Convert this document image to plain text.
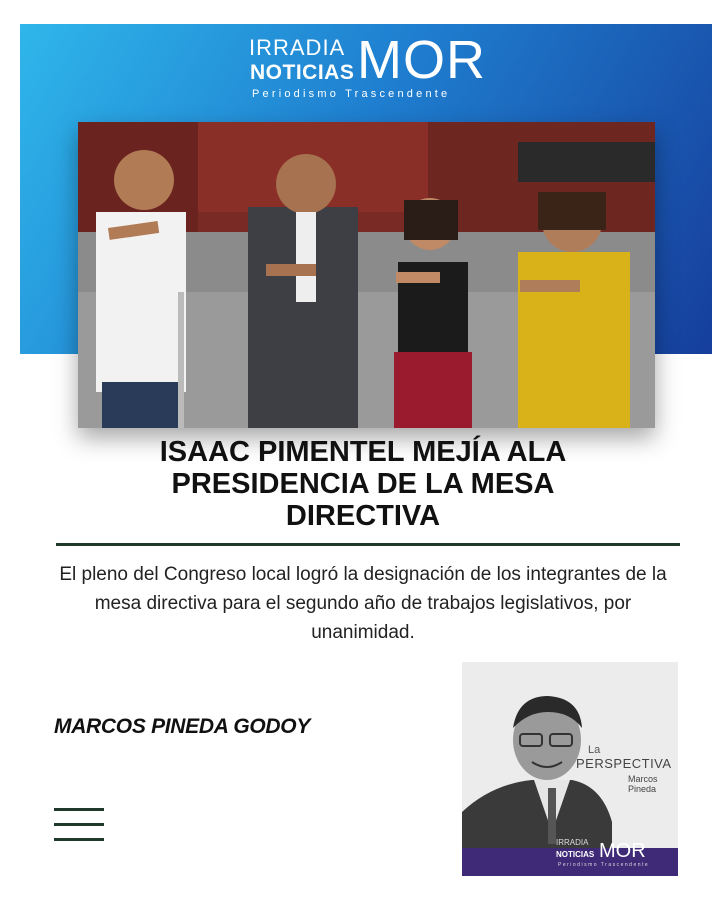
IRRADIA
NOTICIAS MOR
Periodismo Trascendente
ISAAC PIMENTEL MEJÍA ALA
PRESIDENCIA DE LA MESA
DIRECTIVA

El pleno del Congreso local logró la designación de los integrantes de la mesa directiva para el segundo año de trabajos legislativos, por unanimidad.

MARCOS PINEDA GODOY
La
PERSPECTIVA
Marcos
Pineda
IRRADIA
NOTICIAS MOR
Periodismo Trascendente
